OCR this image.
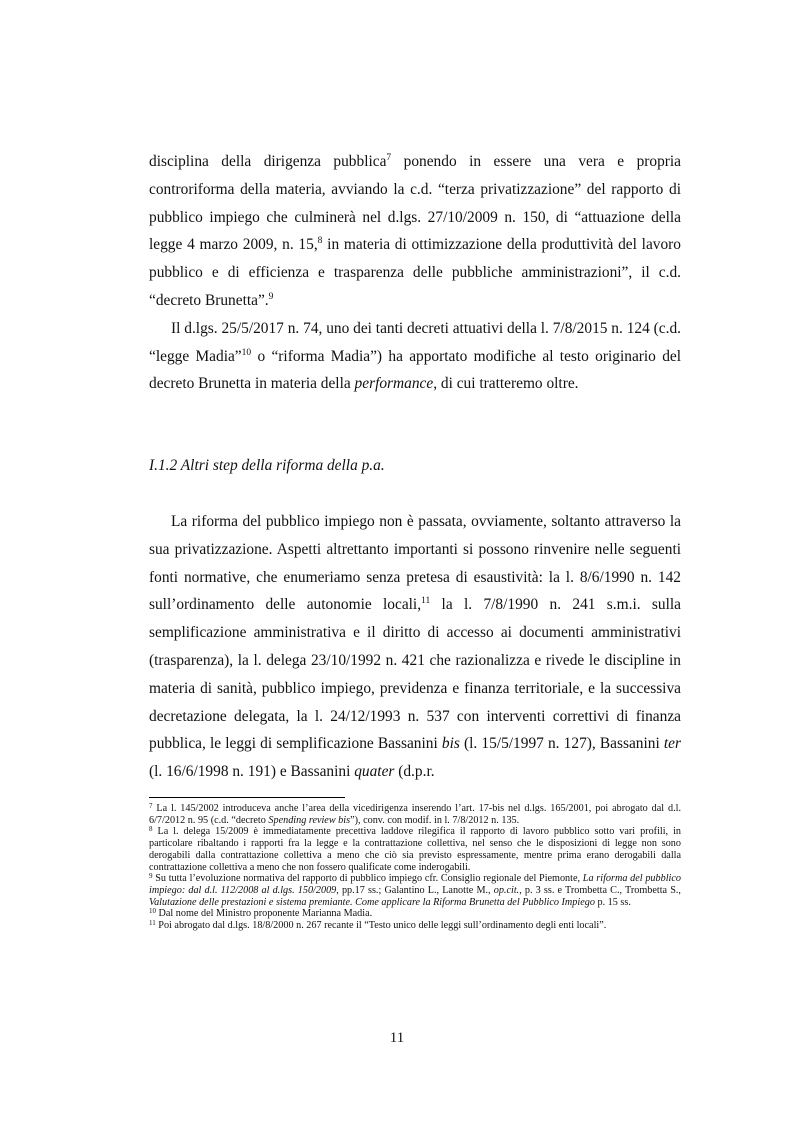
disciplina della dirigenza pubblica$^7$ ponendo in essere una vera e propria controriforma della materia, avviando la c.d. “terza privatizzazione” del rapporto di pubblico impiego che culminerà nel d.lgs. 27/10/2009 n. 150, di “attuazione della legge 4 marzo 2009, n. 15,$^8$ in materia di ottimizzazione della produttività del lavoro pubblico e di efficienza e trasparenza delle pubbliche amministrazioni”, il c.d. “decreto Brunetta”.$^9$

Il d.lgs. 25/5/2017 n. 74, uno dei tanti decreti attuativi della l. 7/8/2015 n. 124 (c.d. “legge Madia”$^{10}$ o “riforma Madia”) ha apportato modifiche al testo originario del decreto Brunetta in materia della performance, di cui tratteremo oltre.

I.1.2 Altri step della riforma della p.a.

La riforma del pubblico impiego non è passata, ovviamente, soltanto attraverso la sua privatizzazione. Aspetti altrettanto importanti si possono rinvenire nelle seguenti fonti normative, che enumeriamo senza pretesa di esaustività: la l. 8/6/1990 n. 142 sull’ordinamento delle autonomie locali,$^{11}$ la l. 7/8/1990 n. 241 s.m.i. sulla semplificazione amministrativa e il diritto di accesso ai documenti amministrativi (trasparenza), la l. delega 23/10/1992 n. 421 che razionalizza e rivede le discipline in materia di sanità, pubblico impiego, previdenza e finanza territoriale, e la successiva decretazione delegata, la l. 24/12/1993 n. 537 con interventi correttivi di finanza pubblica, le leggi di semplificazione Bassanini bis (l. 15/5/1997 n. 127), Bassanini ter (l. 16/6/1998 n. 191) e Bassanini quater (d.p.r.

$^7$ La l. 145/2002 introduceva anche l’area della vicedirigenza inserendo l’art. 17-bis nel d.lgs. 165/2001, poi abrogato dal d.l. 6/7/2012 n. 95 (c.d. “decreto Spending review bis”), conv. con modif. in l. 7/8/2012 n. 135.

$^8$ La l. delega 15/2009 è immediatamente precettiva laddove rilegifica il rapporto di lavoro pubblico sotto vari profili, in particolare ribaltando i rapporti fra la legge e la contrattazione collettiva, nel senso che le disposizioni di legge non sono derogabili dalla contrattazione collettiva a meno che ciò sia previsto espressamente, mentre prima erano derogabili dalla contrattazione collettiva a meno che non fossero qualificate come inderogabili.

$^9$ Su tutta l’evoluzione normativa del rapporto di pubblico impiego cfr. Consiglio regionale del Piemonte, La riforma del pubblico impiego: dal d.l. 112/2008 al d.lgs. 150/2009, pp.17 ss.; Galantino L., Lanotte M., op.cit., p. 3 ss. e Trombetta C., Trombetta S., Valutazione delle prestazioni e sistema premiante. Come applicare la Riforma Brunetta del Pubblico Impiego p. 15 ss.

$^{10}$ Dal nome del Ministro proponente Marianna Madia.

$^{11}$ Poi abrogato dal d.lgs. 18/8/2000 n. 267 recante il “Testo unico delle leggi sull’ordinamento degli enti locali”.

11
